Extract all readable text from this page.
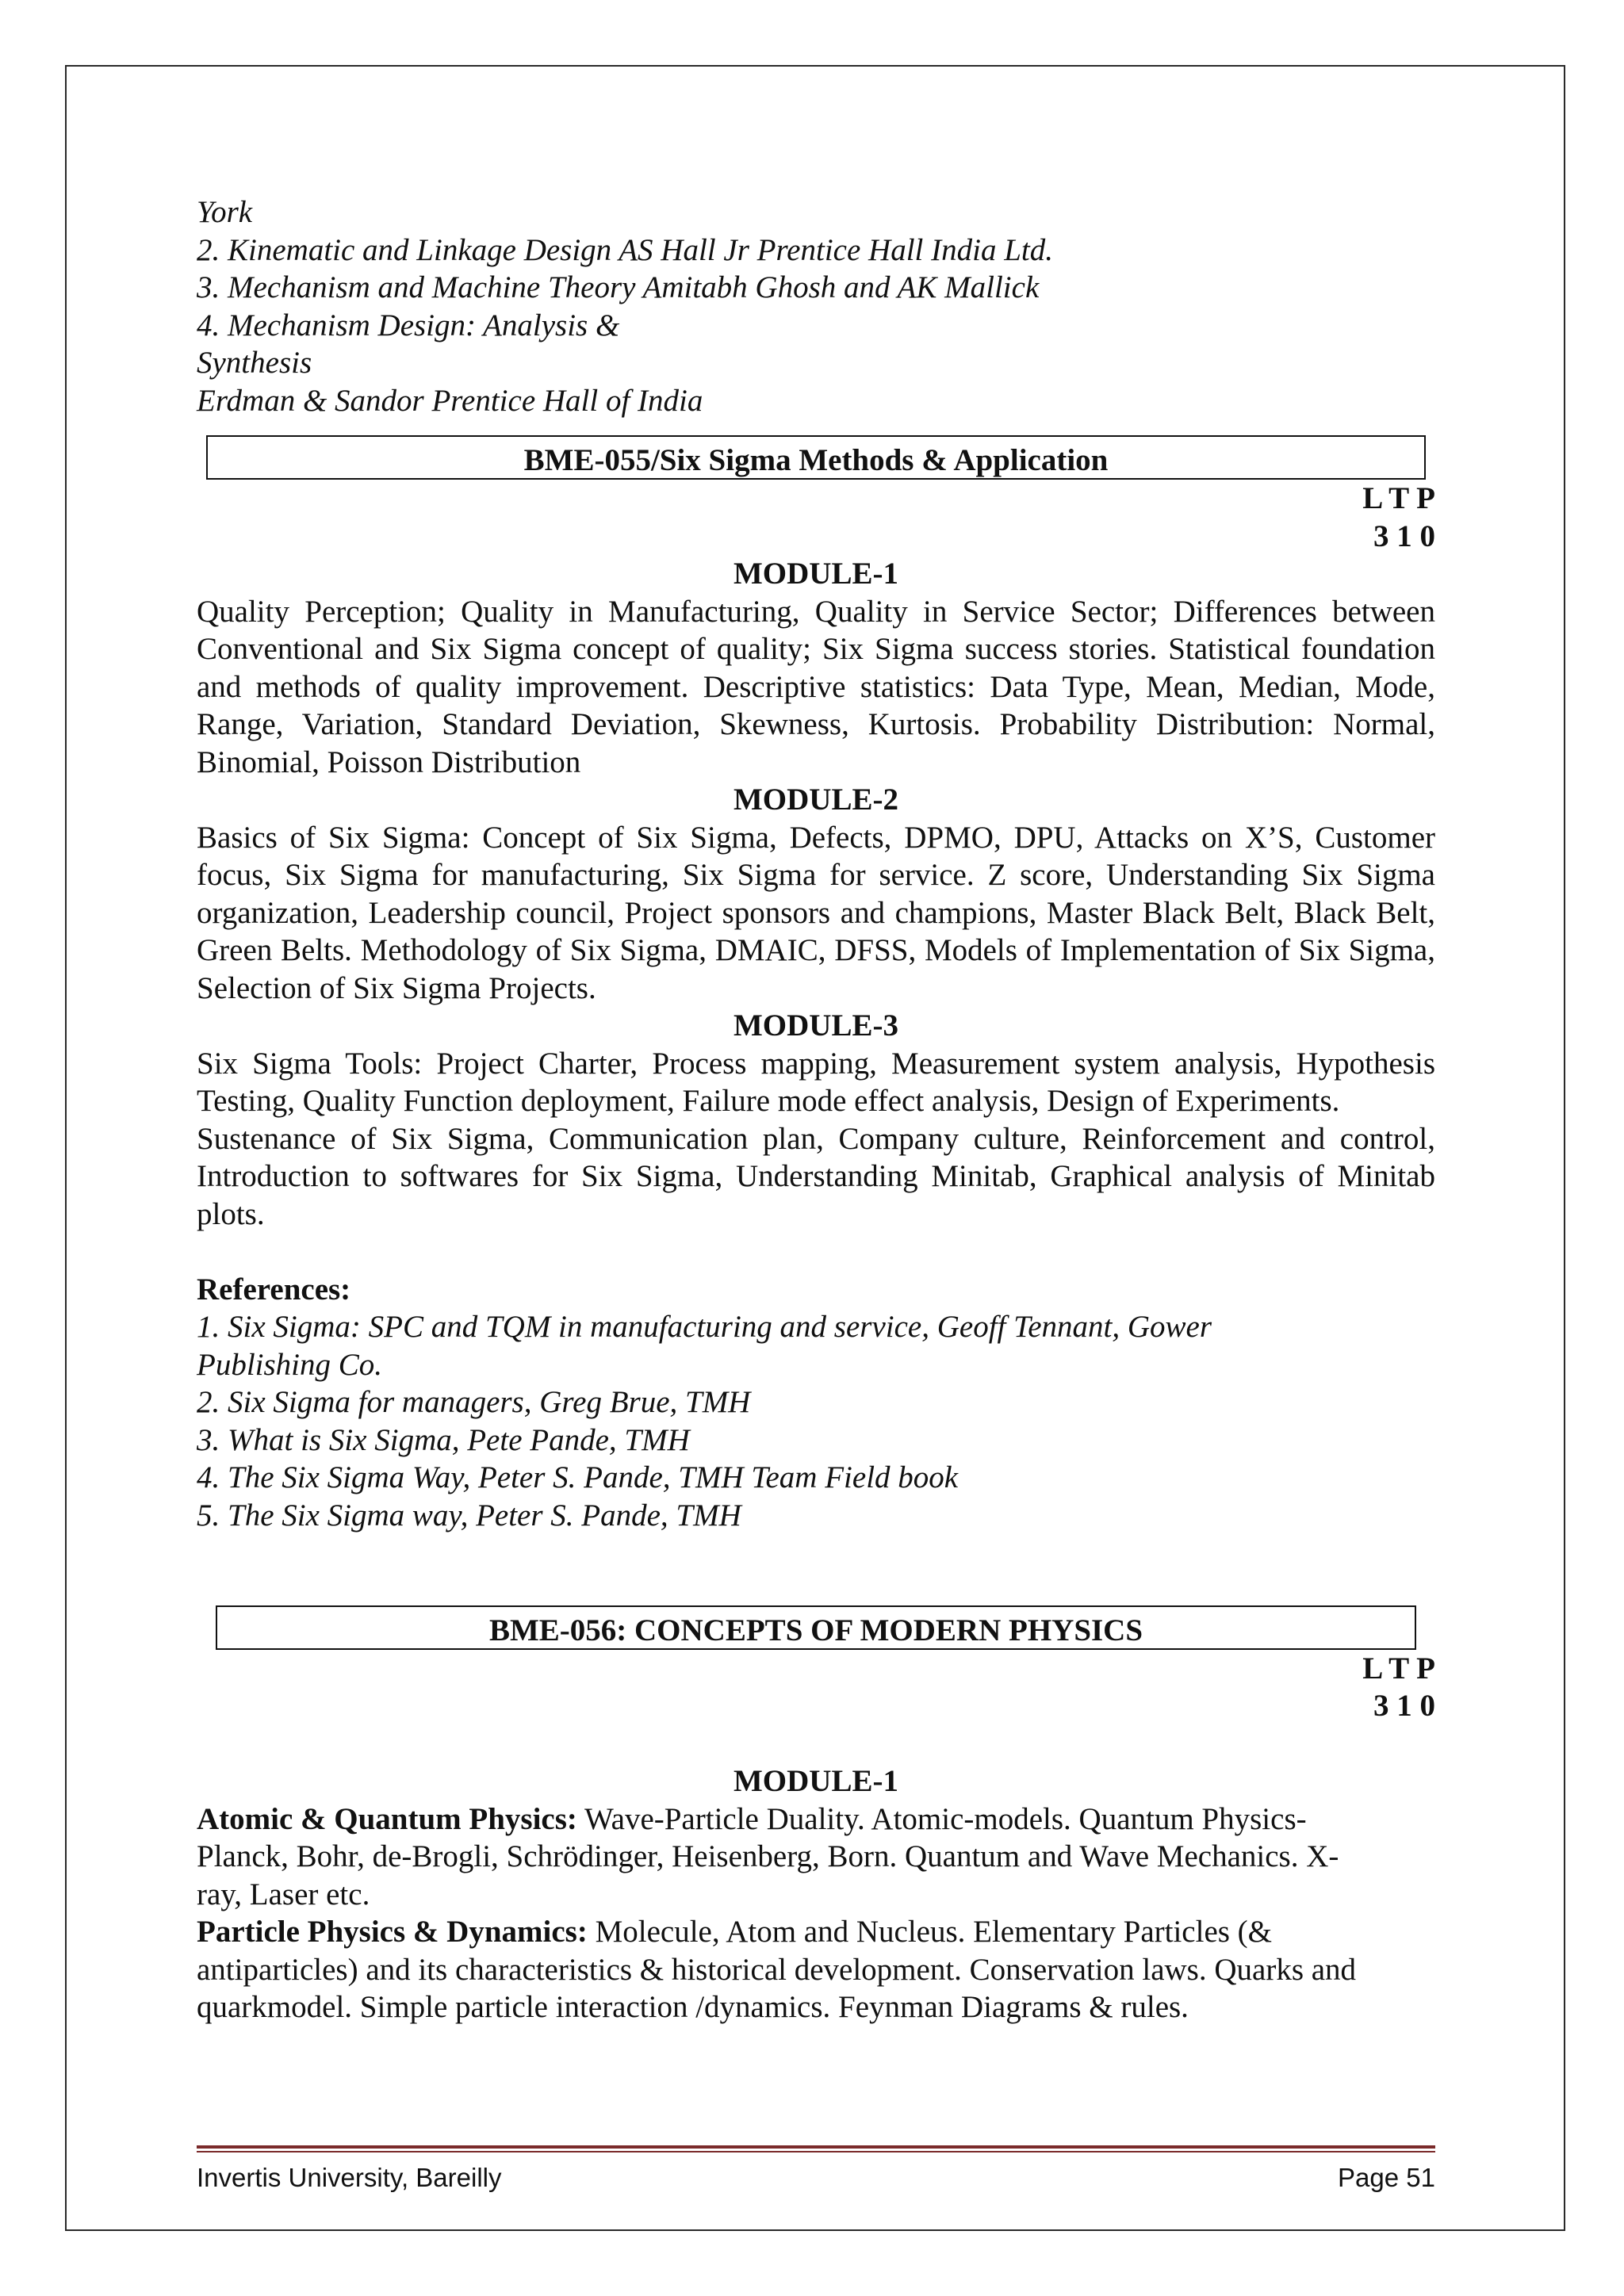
York
2. Kinematic and Linkage Design AS Hall Jr Prentice Hall India Ltd.
3. Mechanism and Machine Theory Amitabh Ghosh and AK Mallick
4. Mechanism Design: Analysis &
Synthesis
Erdman & Sandor Prentice Hall of India
BME-055/Six Sigma Methods & Application
L T P
3 1 0
MODULE-1
Quality Perception; Quality in Manufacturing, Quality in Service Sector; Differences between Conventional and Six Sigma concept of quality; Six Sigma success stories. Statistical foundation and methods of quality improvement. Descriptive statistics: Data Type, Mean, Median, Mode, Range, Variation, Standard Deviation, Skewness, Kurtosis. Probability Distribution: Normal, Binomial, Poisson Distribution
MODULE-2
Basics of Six Sigma: Concept of Six Sigma, Defects, DPMO, DPU, Attacks on X’S, Customer focus, Six Sigma for manufacturing, Six Sigma for service. Z score, Understanding Six Sigma organization, Leadership council, Project sponsors and champions, Master Black Belt, Black Belt, Green Belts. Methodology of Six Sigma, DMAIC, DFSS, Models of Implementation of Six Sigma, Selection of Six Sigma Projects.
MODULE-3
Six Sigma Tools: Project Charter, Process mapping, Measurement system analysis, Hypothesis Testing, Quality Function deployment, Failure mode effect analysis, Design of Experiments.
Sustenance of Six Sigma, Communication plan, Company culture, Reinforcement and control, Introduction to softwares for Six Sigma, Understanding Minitab, Graphical analysis of Minitab plots.
References:
1. Six Sigma: SPC and TQM in manufacturing and service, Geoff Tennant, Gower
Publishing Co.
2. Six Sigma for managers, Greg Brue, TMH
3. What is Six Sigma, Pete Pande, TMH
4. The Six Sigma Way, Peter S. Pande, TMH Team Field book
5. The Six Sigma way, Peter S. Pande, TMH
BME-056: CONCEPTS OF MODERN PHYSICS
L T P
3 1 0
MODULE-1
Atomic & Quantum Physics: Wave-Particle Duality. Atomic-models. Quantum Physics-
Planck, Bohr, de-Brogli, Schrödinger, Heisenberg, Born. Quantum and Wave Mechanics. X-
ray, Laser etc.
Particle Physics & Dynamics: Molecule, Atom and Nucleus. Elementary Particles (&
antiparticles) and its characteristics & historical development. Conservation laws. Quarks and
quarkmodel. Simple particle interaction /dynamics. Feynman Diagrams & rules.
Invertis University, Bareilly	Page 51
